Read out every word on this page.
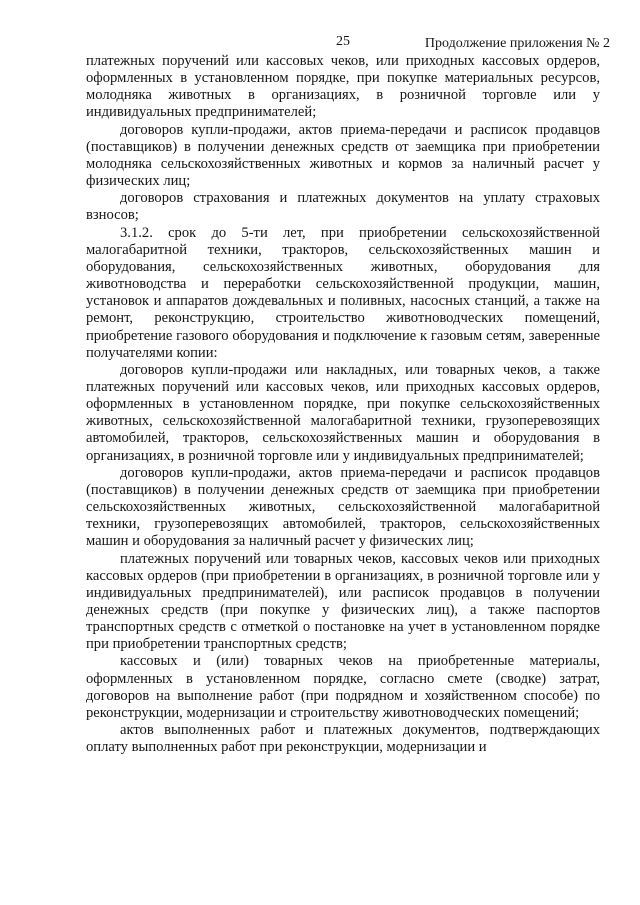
25	Продолжение приложения № 2

платежных поручений или кассовых чеков, или приходных кассовых ордеров, оформленных в установленном порядке, при покупке материальных ресурсов, молодняка животных в организациях, в розничной торговле или у индивидуальных предпринимателей;

договоров купли-продажи, актов приема-передачи и расписок продавцов (поставщиков) в получении денежных средств от заемщика при приобретении молодняка сельскохозяйственных животных и кормов за наличный расчет у физических лиц;

договоров страхования и платежных документов на уплату страховых взносов;

3.1.2. срок до 5-ти лет, при приобретении сельскохозяйственной малогабаритной техники, тракторов, сельскохозяйственных машин и оборудования, сельскохозяйственных животных, оборудования для животноводства и переработки сельскохозяйственной продукции, машин, установок и аппаратов дождевальных и поливных, насосных станций, а также на ремонт, реконструкцию, строительство животноводческих помещений, приобретение газового оборудования и подключение к газовым сетям, заверенные получателями копии:

договоров купли-продажи или накладных, или товарных чеков, а также платежных поручений или кассовых чеков, или приходных кассовых ордеров, оформленных в установленном порядке, при покупке сельскохозяйственных животных, сельскохозяйственной малогабаритной техники, грузоперевозящих автомобилей, тракторов, сельскохозяйственных машин и оборудования в организациях, в розничной торговле или у индивидуальных предпринимателей;

договоров купли-продажи, актов приема-передачи и расписок продавцов (поставщиков) в получении денежных средств от заемщика при приобретении сельскохозяйственных животных, сельскохозяйственной малогабаритной техники, грузоперевозящих автомобилей, тракторов, сельскохозяйственных машин и оборудования за наличный расчет у физических лиц;

платежных поручений или товарных чеков, кассовых чеков или приходных кассовых ордеров (при приобретении в организациях, в розничной торговле или у индивидуальных предпринимателей), или расписок продавцов в получении денежных средств (при покупке у физических лиц), а также паспортов транспортных средств с отметкой о постановке на учет в установленном порядке при приобретении транспортных средств;

кассовых и (или) товарных чеков на приобретенные материалы, оформленных в установленном порядке, согласно смете (сводке) затрат, договоров на выполнение работ (при подрядном и хозяйственном способе) по реконструкции, модернизации и строительству животноводческих помещений;

актов выполненных работ и платежных документов, подтверждающих оплату выполненных работ при реконструкции, модернизации и
